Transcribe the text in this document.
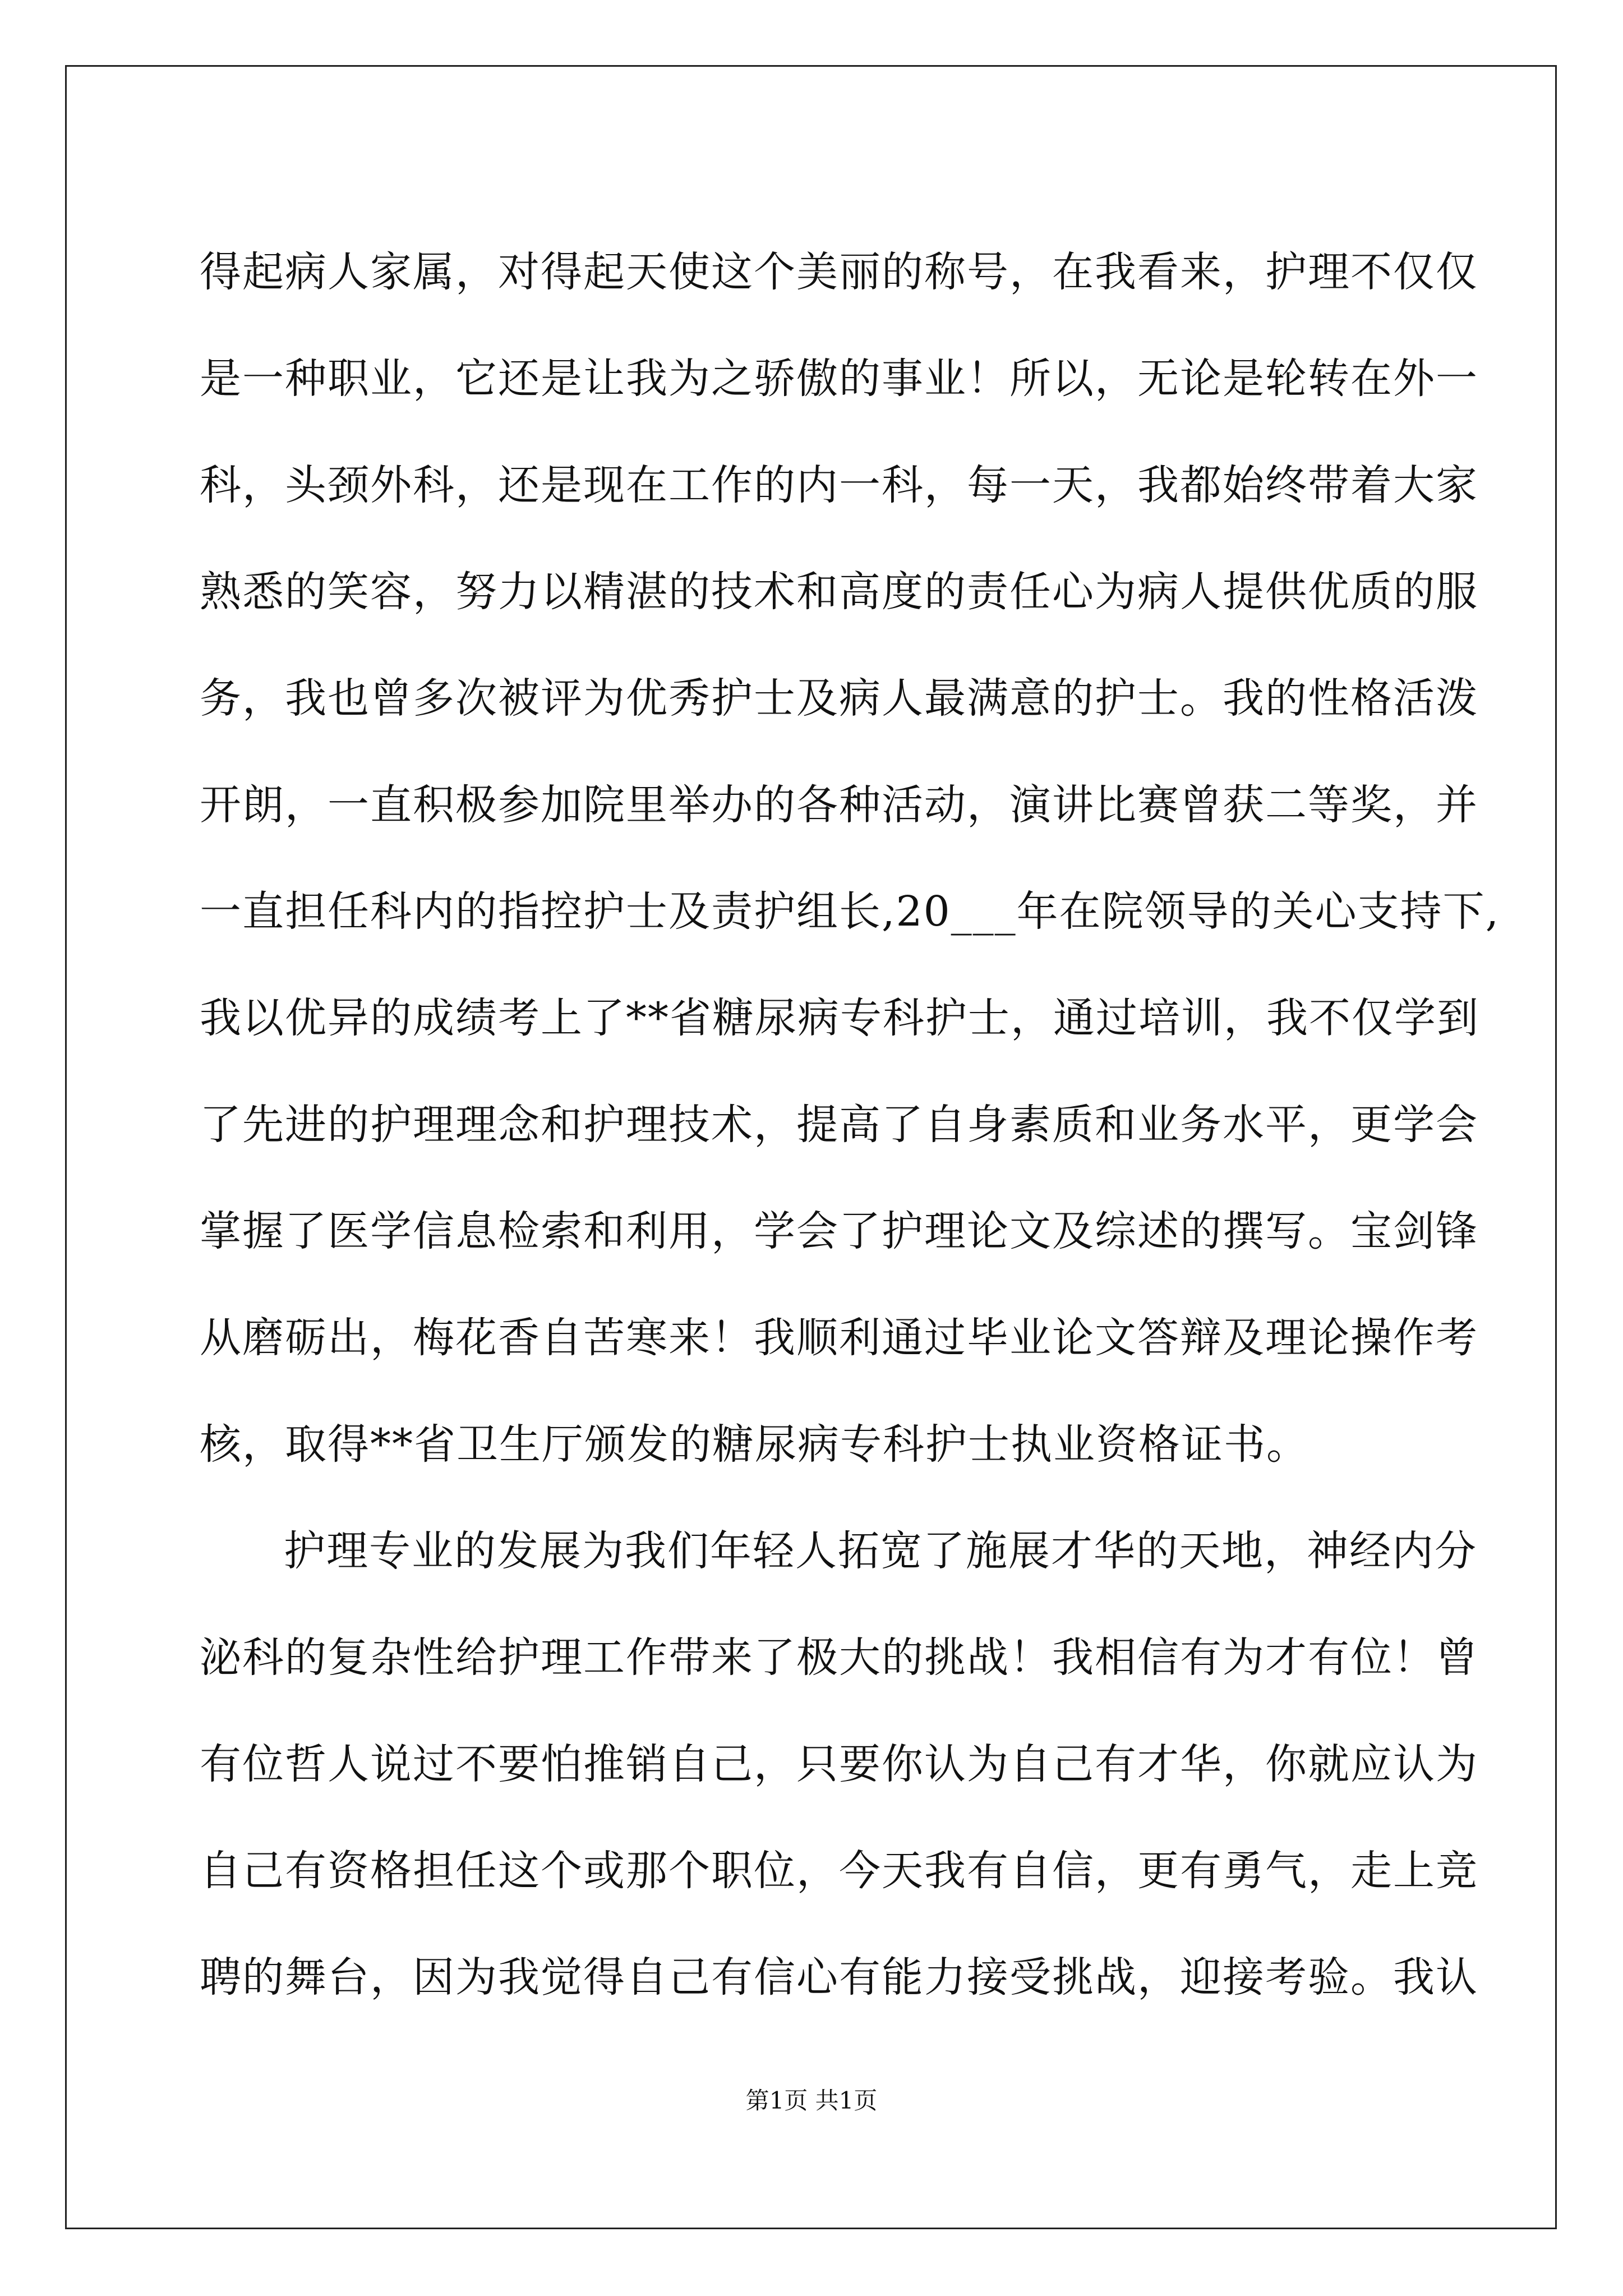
得起病人家属，对得起天使这个美丽的称号，在我看来，护理不仅仅
是一种职业，它还是让我为之骄傲的事业！所以，无论是轮转在外一
科，头颈外科，还是现在工作的内一科，每一天，我都始终带着大家
熟悉的笑容，努力以精湛的技术和高度的责任心为病人提供优质的服
务，我也曾多次被评为优秀护士及病人最满意的护士。我的性格活泼
开朗，一直积极参加院里举办的各种活动，演讲比赛曾获二等奖，并
一直担任科内的指控护士及责护组长,20___年在院领导的关心支持下,
我以优异的成绩考上了**省糖尿病专科护士，通过培训，我不仅学到
了先进的护理理念和护理技术，提高了自身素质和业务水平，更学会
掌握了医学信息检索和利用，学会了护理论文及综述的撰写。宝剑锋
从磨砺出，梅花香自苦寒来！我顺利通过毕业论文答辩及理论操作考
核，取得**省卫生厅颁发的糖尿病专科护士执业资格证书。
护理专业的发展为我们年轻人拓宽了施展才华的天地，神经内分
泌科的复杂性给护理工作带来了极大的挑战！我相信有为才有位！曾
有位哲人说过不要怕推销自己，只要你认为自己有才华，你就应认为
自己有资格担任这个或那个职位，今天我有自信，更有勇气，走上竞
聘的舞台，因为我觉得自己有信心有能力接受挑战，迎接考验。我认
第1页 共1页
